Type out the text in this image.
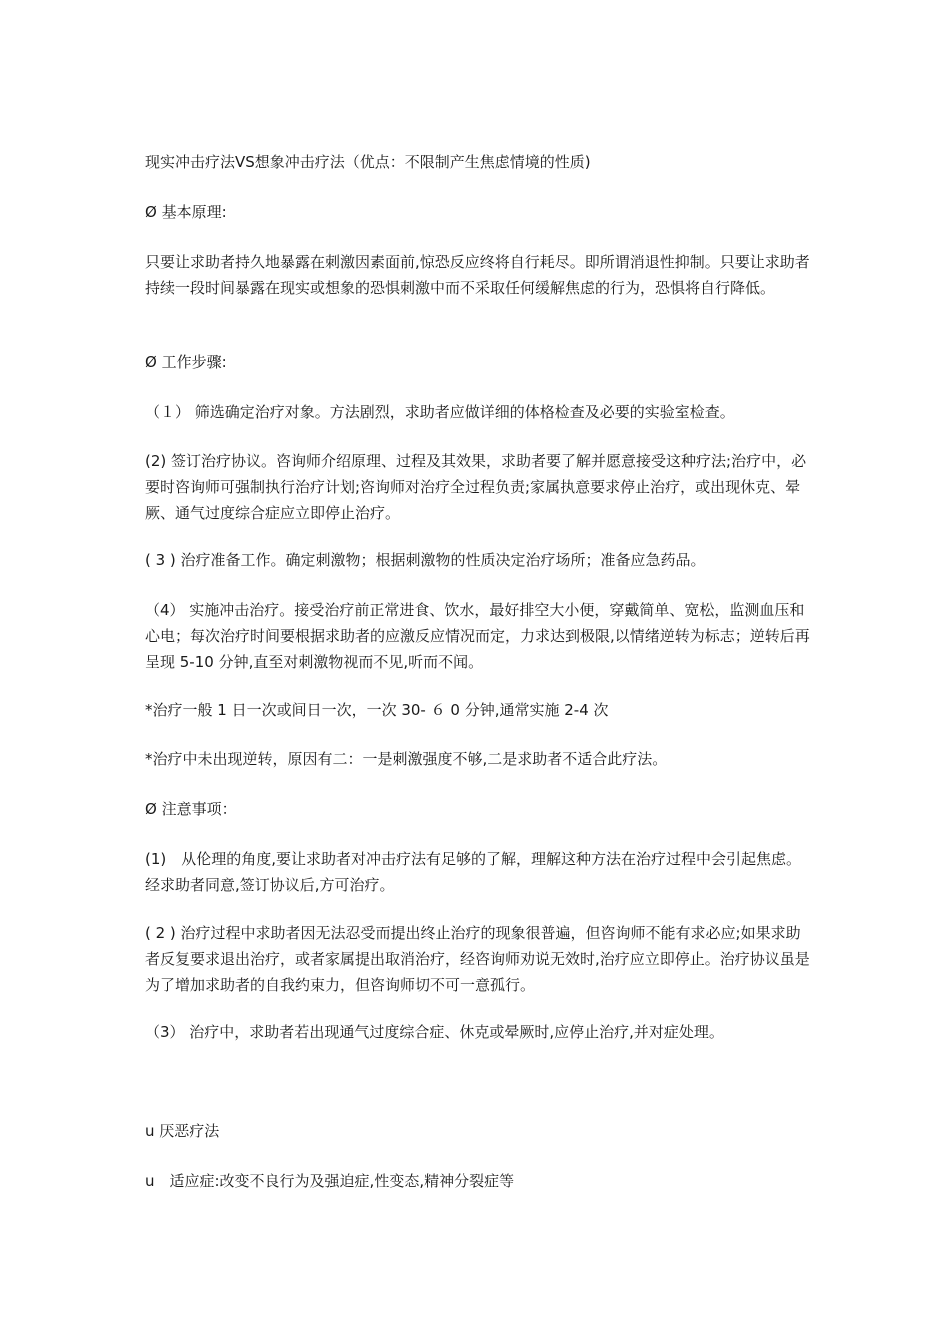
现实冲击疗法VS想象冲击疗法（优点：不限制产生焦虑情境的性质)

Ø 基本原理:

只要让求助者持久地暴露在刺激因素面前,惊恐反应终将自行耗尽。即所谓消退性抑制。只要让求助者持续一段时间暴露在现实或想象的恐惧刺激中而不采取任何缓解焦虑的行为，恐惧将自行降低。

Ø 工作步骤:

（１） 筛选确定治疗对象。方法剧烈，求助者应做详细的体格检查及必要的实验室检查。

(2) 签订治疗协议。咨询师介绍原理、过程及其效果，求助者要了解并愿意接受这种疗法;治疗中，必要时咨询师可强制执行治疗计划;咨询师对治疗全过程负责;家属执意要求停止治疗，或出现休克、晕厥、通气过度综合症应立即停止治疗。

( 3 ) 治疗准备工作。确定刺激物；根据刺激物的性质决定治疗场所；准备应急药品。

（4） 实施冲击治疗。接受治疗前正常进食、饮水，最好排空大小便，穿戴简单、宽松，监测血压和心电；每次治疗时间要根据求助者的应激反应情况而定，力求达到极限,以情绪逆转为标志；逆转后再呈现 5-10 分钟,直至对刺激物视而不见,听而不闻。

*治疗一般 1 日一次或间日一次，一次 30- ６ 0 分钟,通常实施 2-4 次

*治疗中未出现逆转，原因有二：一是刺激强度不够,二是求助者不适合此疗法。

Ø 注意事项：

(1)　从伦理的角度,要让求助者对冲击疗法有足够的了解，理解这种方法在治疗过程中会引起焦虑。经求助者同意,签订协议后,方可治疗。

( 2 ) 治疗过程中求助者因无法忍受而提出终止治疗的现象很普遍，但咨询师不能有求必应;如果求助者反复要求退出治疗，或者家属提出取消治疗，经咨询师劝说无效时,治疗应立即停止。治疗协议虽是为了增加求助者的自我约束力，但咨询师切不可一意孤行。

（3） 治疗中，求助者若出现通气过度综合症、休克或晕厥时,应停止治疗,并对症处理。

u 厌恶疗法

u　适应症:改变不良行为及强迫症,性变态,精神分裂症等
